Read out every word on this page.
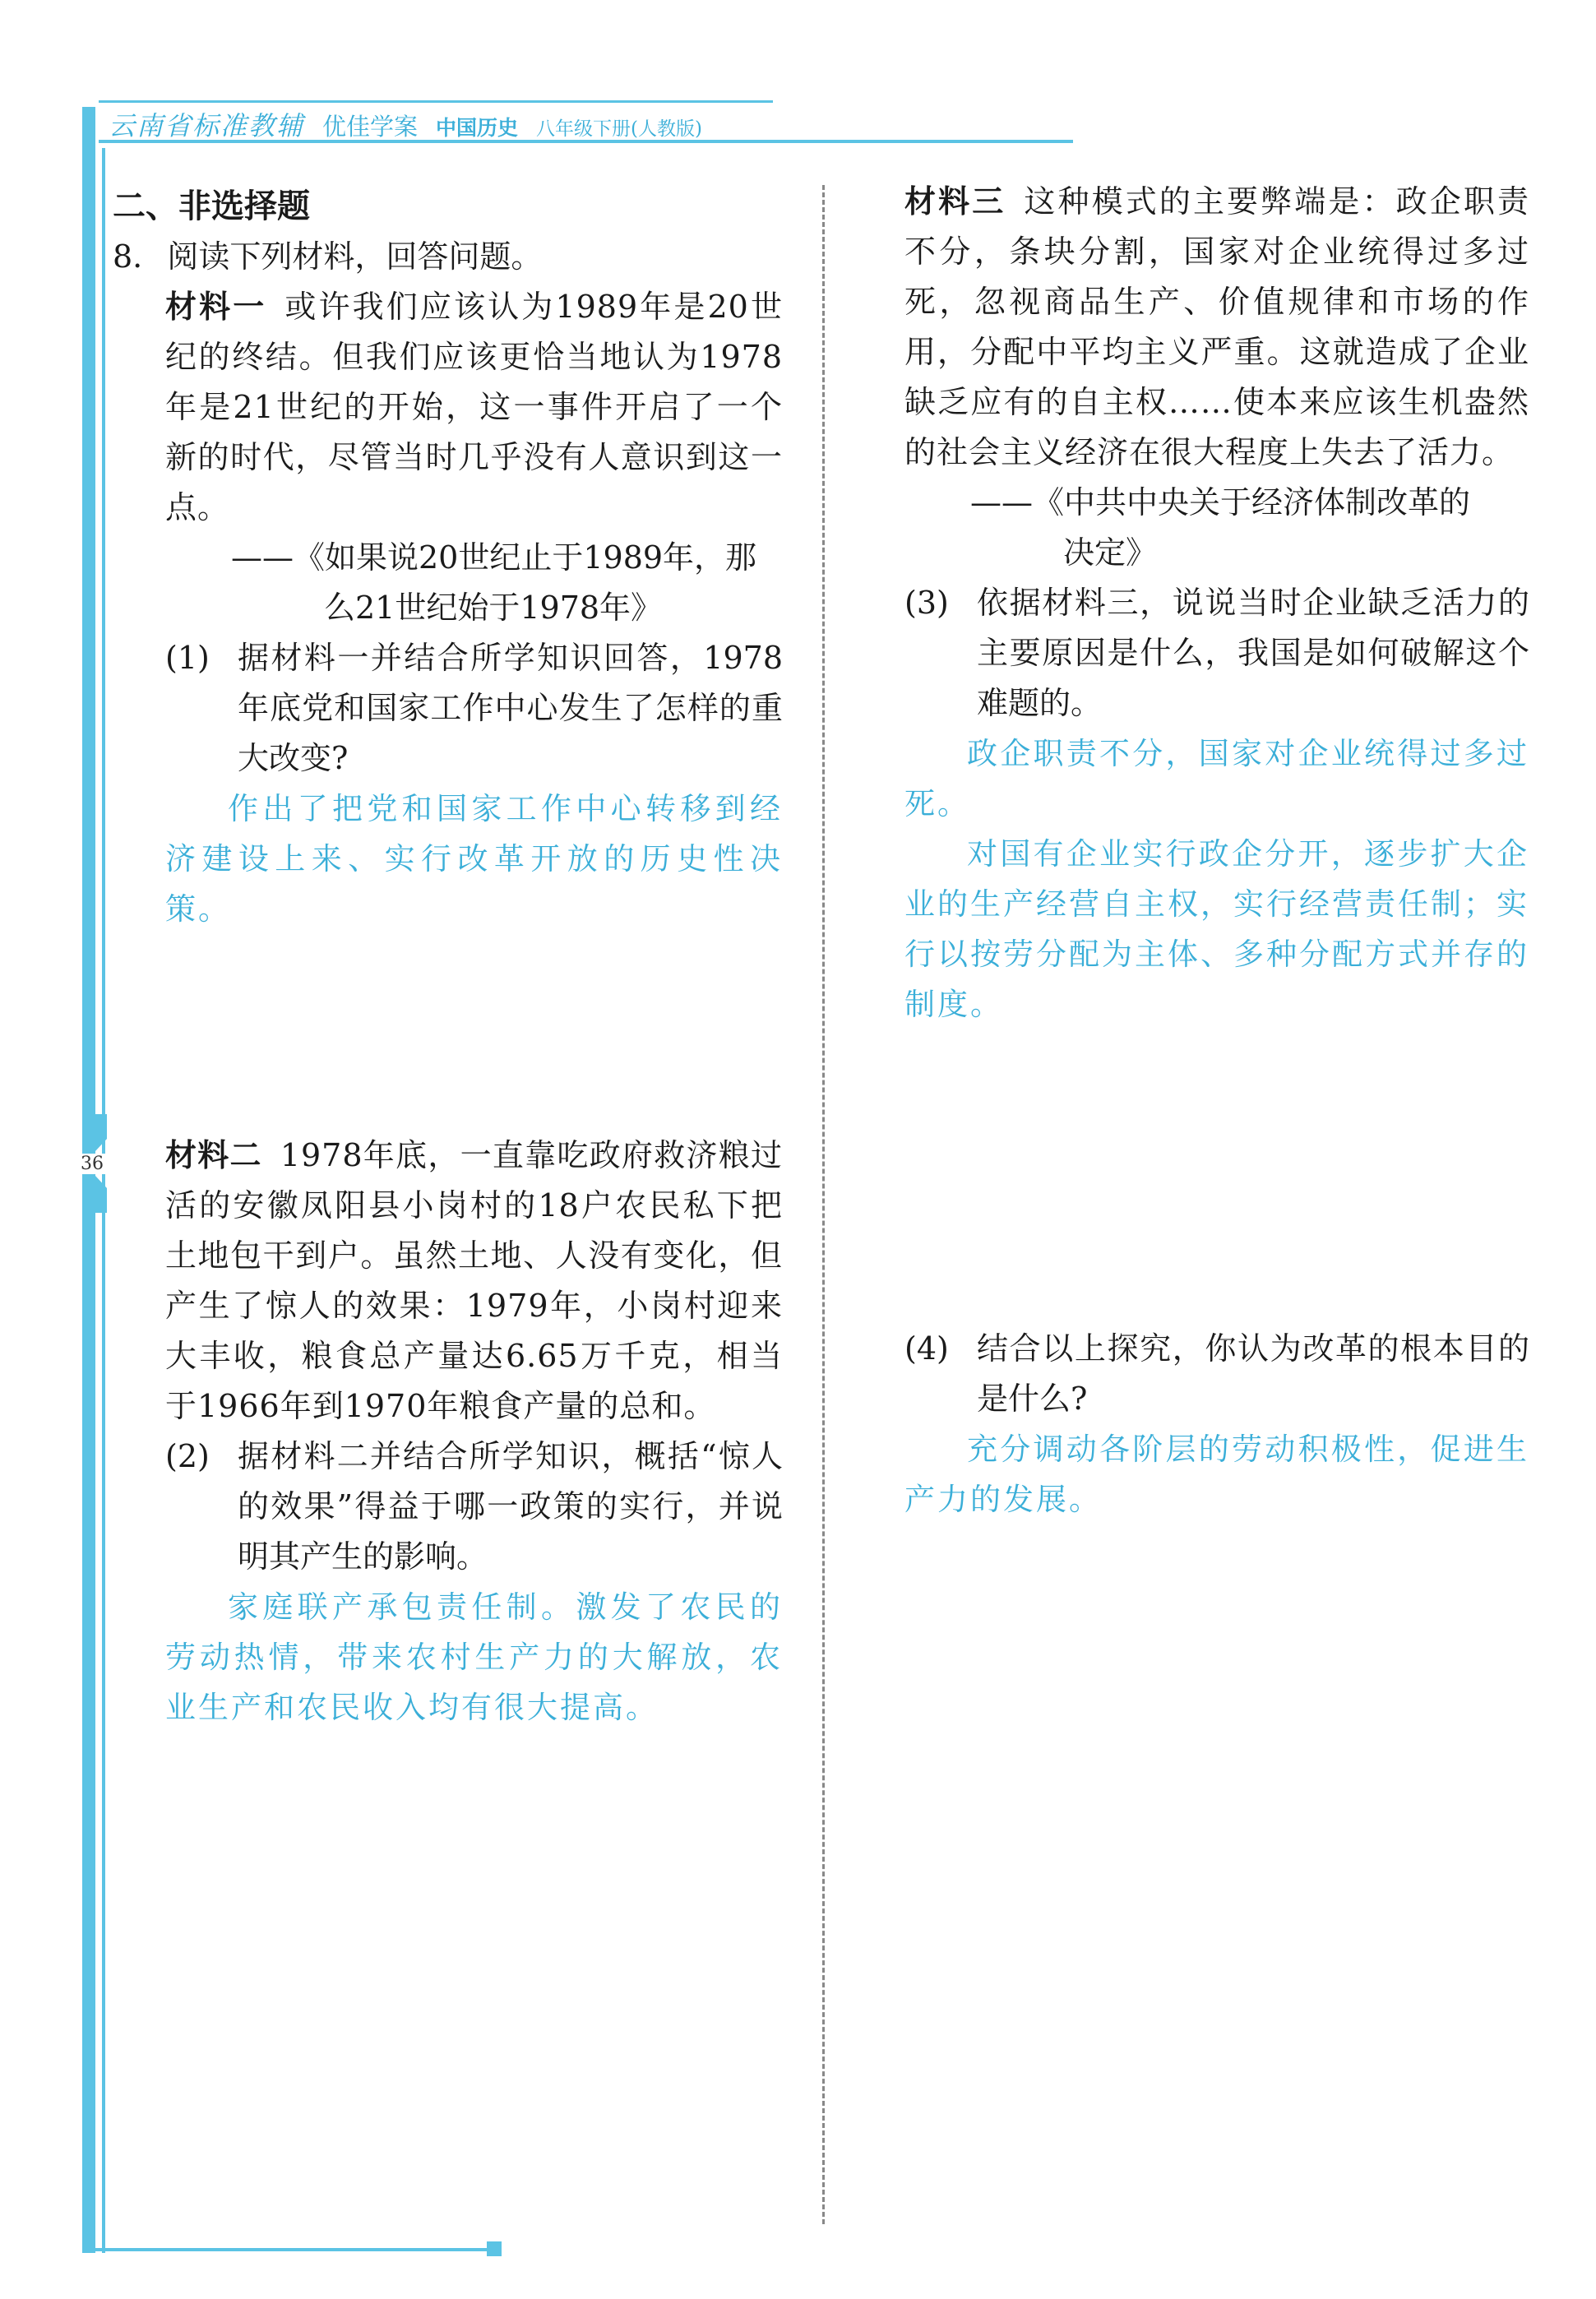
云南省标准教辅 优佳学案 中国历史 八年级下册(人教版)
36
二、非选择题
8. 阅读下列材料，回答问题。
材料一 或许我们应该认为1989年是20世纪的终结。但我们应该更恰当地认为1978年是21世纪的开始，这一事件开启了一个新的时代，尽管当时几乎没有人意识到这一点。
——《如果说20世纪止于1989年，那
么21世纪始于1978年》
(1) 据材料一并结合所学知识回答，1978年底党和国家工作中心发生了怎样的重大改变?
作出了把党和国家工作中心转移到经济建设上来、实行改革开放的历史性决策。
材料二 1978年底，一直靠吃政府救济粮过活的安徽凤阳县小岗村的18户农民私下把土地包干到户。虽然土地、人没有变化，但产生了惊人的效果：1979年，小岗村迎来大丰收，粮食总产量达6.65万千克，相当于1966年到1970年粮食产量的总和。
(2) 据材料二并结合所学知识，概括“惊人的效果”得益于哪一政策的实行，并说明其产生的影响。
家庭联产承包责任制。激发了农民的劳动热情，带来农村生产力的大解放，农业生产和农民收入均有很大提高。
材料三 这种模式的主要弊端是：政企职责不分，条块分割，国家对企业统得过多过死，忽视商品生产、价值规律和市场的作用，分配中平均主义严重。这就造成了企业缺乏应有的自主权……使本来应该生机盎然的社会主义经济在很大程度上失去了活力。
——《中共中央关于经济体制改革的
决定》
(3) 依据材料三，说说当时企业缺乏活力的主要原因是什么，我国是如何破解这个难题的。
政企职责不分，国家对企业统得过多过死。
对国有企业实行政企分开，逐步扩大企业的生产经营自主权，实行经营责任制；实行以按劳分配为主体、多种分配方式并存的制度。
(4) 结合以上探究，你认为改革的根本目的是什么?
充分调动各阶层的劳动积极性，促进生产力的发展。
